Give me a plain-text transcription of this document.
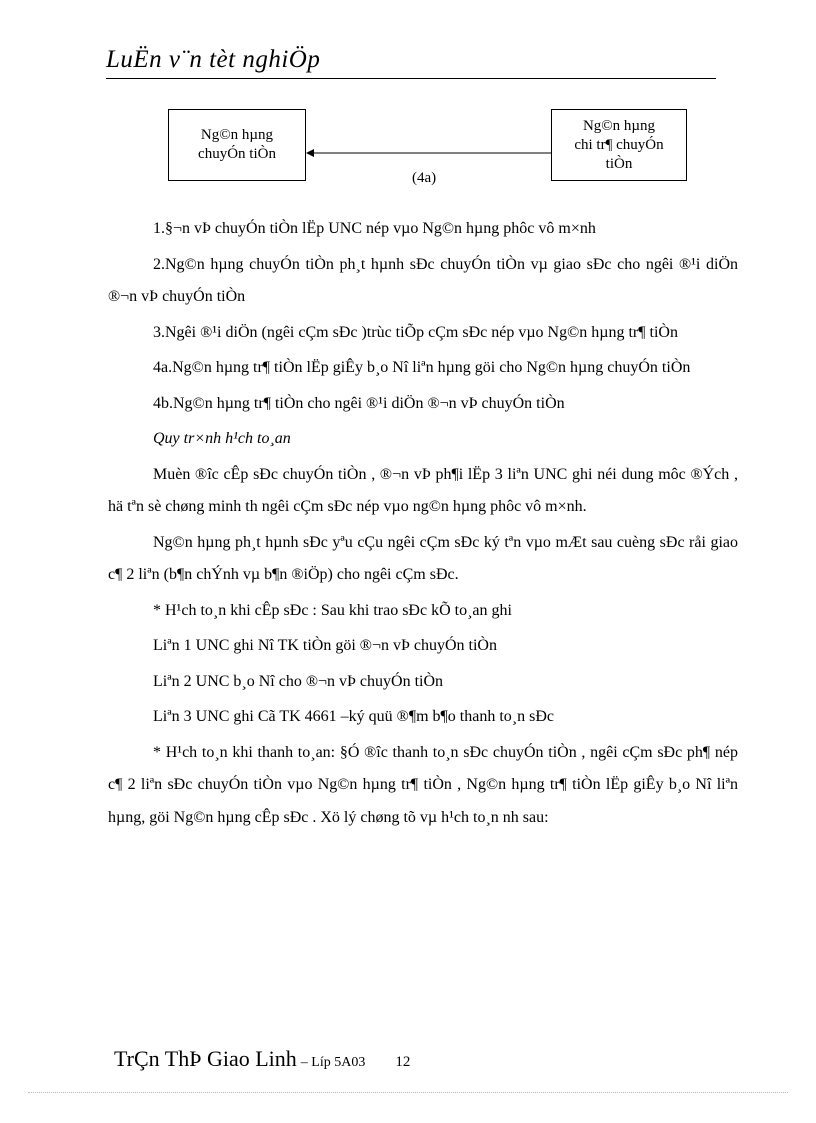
LuËn v¨n tèt nghiÖp
Ng©n hµng
chuyÓn tiÒn
Ng©n hµng
chi tr¶ chuyÓn
tiÒn
(4a)

1.§¬n vÞ chuyÓn tiÒn lËp UNC nép vµo Ng©n hµng phôc vô m×nh

2.Ng©n hµng chuyÓn tiÒn ph¸t hµnh sÐc chuyÓn tiÒn vµ giao sÐc cho ngêi ®¹i diÖn ®¬n vÞ chuyÓn tiÒn

3.Ngêi ®¹i diÖn (ngêi cÇm sÐc )trùc tiÕp cÇm sÐc nép vµo Ng©n hµng tr¶ tiÒn

4a.Ng©n hµng tr¶ tiÒn lËp giÊy b¸o Nî liªn hµng göi cho Ng©n hµng chuyÓn tiÒn

4b.Ng©n hµng tr¶ tiÒn cho ngêi ®¹i diÖn ®¬n vÞ chuyÓn tiÒn

Quy tr×nh h¹ch to¸an

Muèn ®îc cÊp sÐc chuyÓn tiÒn , ®¬n vÞ ph¶i lËp 3 liªn UNC ghi néi dung môc ®Ých , hä tªn sè chøng minh th ngêi cÇm sÐc nép vµo ng©n hµng phôc vô m×nh.

Ng©n hµng ph¸t hµnh sÐc yªu cÇu ngêi cÇm sÐc ký tªn vµo mÆt sau cuèng sÐc råi giao c¶ 2 liªn (b¶n chÝnh vµ b¶n ®iÖp) cho ngêi cÇm sÐc.

* H¹ch to¸n khi cÊp sÐc : Sau khi trao sÐc kÕ to¸an ghi

Liªn 1 UNC ghi Nî TK tiÒn göi ®¬n vÞ chuyÓn tiÒn

Liªn 2 UNC b¸o Nî cho ®¬n vÞ chuyÓn tiÒn

Liªn 3 UNC ghi Cã TK 4661 –ký quü ®¶m b¶o thanh to¸n sÐc

* H¹ch to¸n khi thanh to¸an: §Ó ®îc thanh to¸n sÐc chuyÓn tiÒn , ngêi cÇm sÐc ph¶ nép c¶ 2 liªn sÐc chuyÓn tiÒn vµo Ng©n hµng tr¶ tiÒn , Ng©n hµng tr¶ tiÒn lËp giÊy b¸o Nî liªn hµng, göi Ng©n hµng cÊp sÐc . Xö lý chøng tõ vµ h¹ch to¸n nh sau:

TrÇn ThÞ Giao Linh – Líp 5A03 12
